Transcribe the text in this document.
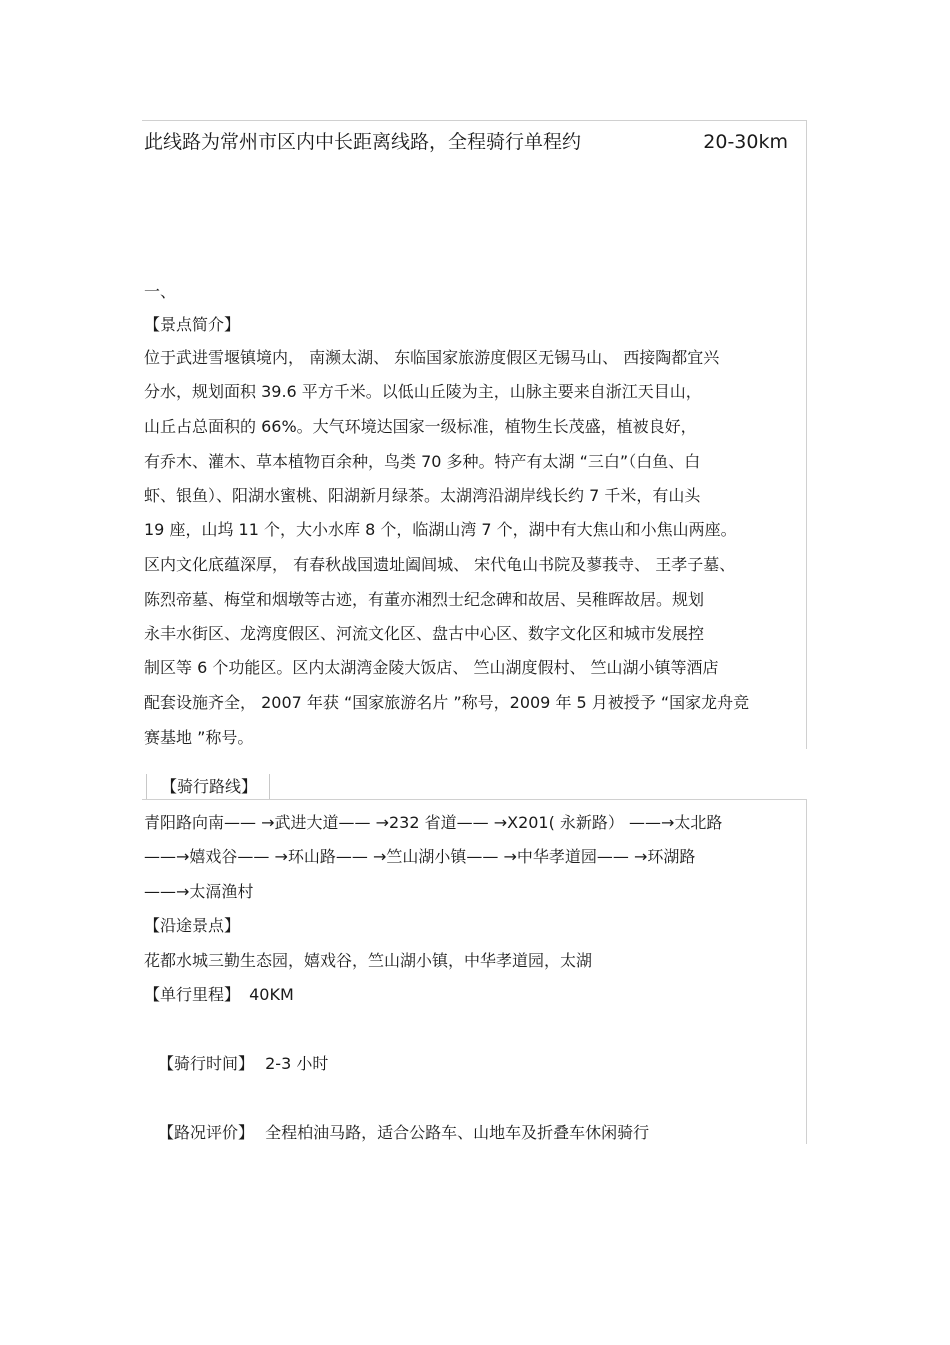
此线路为常州市区内中长距离线路，全程骑行单程约	20-30km
一、
【景点简介】
位于武进雪堰镇境内， 南濒太湖、 东临国家旅游度假区无锡马山、 西接陶都宜兴
分水，规划面积 39.6 平方千米。以低山丘陵为主，山脉主要来自浙江天目山，
山丘占总面积的 66%。大气环境达国家一级标准，植物生长茂盛，植被良好，
有乔木、灌木、草本植物百余种，鸟类 70 多种。特产有太湖 “三白”（白鱼、白
虾、银鱼）、阳湖水蜜桃、阳湖新月绿茶。太湖湾沿湖岸线长约 7 千米，有山头
19 座，山坞 11 个，大小水库 8 个，临湖山湾 7 个，湖中有大焦山和小焦山两座。
区内文化底蕴深厚， 有春秋战国遗址阖闾城、 宋代龟山书院及蓼莪寺、 王孝子墓、
陈烈帝墓、梅堂和烟墩等古迹，有董亦湘烈士纪念碑和故居、吴稚晖故居。规划
永丰水街区、龙湾度假区、河流文化区、盘古中心区、数字文化区和城市发展控
制区等 6 个功能区。区内太湖湾金陵大饭店、 竺山湖度假村、 竺山湖小镇等酒店
配套设施齐全， 2007 年获 “国家旅游名片 ”称号，2009 年 5 月被授予 “国家龙舟竞
赛基地 ”称号。
【骑行路线】
青阳路向南—— →武进大道—— →232 省道—— →X201( 永新路） ——→太北路
——→嬉戏谷—— →环山路—— →竺山湖小镇—— →中华孝道园—— →环湖路
——→太滆渔村
【沿途景点】
花都水城三勤生态园，嬉戏谷，竺山湖小镇，中华孝道园，太湖
【单行里程】 40KM
【骑行时间】 2-3 小时
【路况评价】 全程柏油马路，适合公路车、山地车及折叠车休闲骑行
